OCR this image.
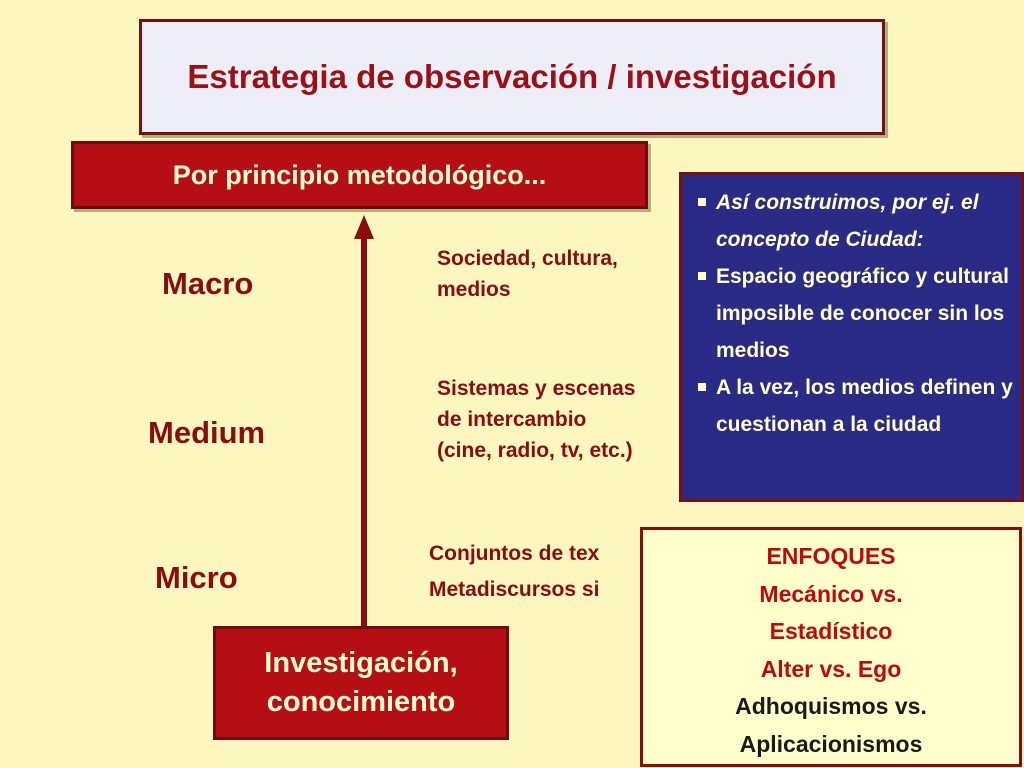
Estrategia de observación / investigación
Por principio metodológico...
Macro
Medium
Micro
Sociedad, cultura,
medios
Sistemas y escenas
de intercambio
(cine, radio, tv, etc.)
Conjuntos de tex
Metadiscursos si
Investigación,
conocimiento
Así construimos, por ej. el concepto de Ciudad:
Espacio geográfico y cultural imposible de conocer sin los medios
A la vez, los medios definen y cuestionan a la ciudad
ENFOQUES
Mecánico vs.
Estadístico
Alter vs. Ego
Adhoquismos vs.
Aplicacionismos
